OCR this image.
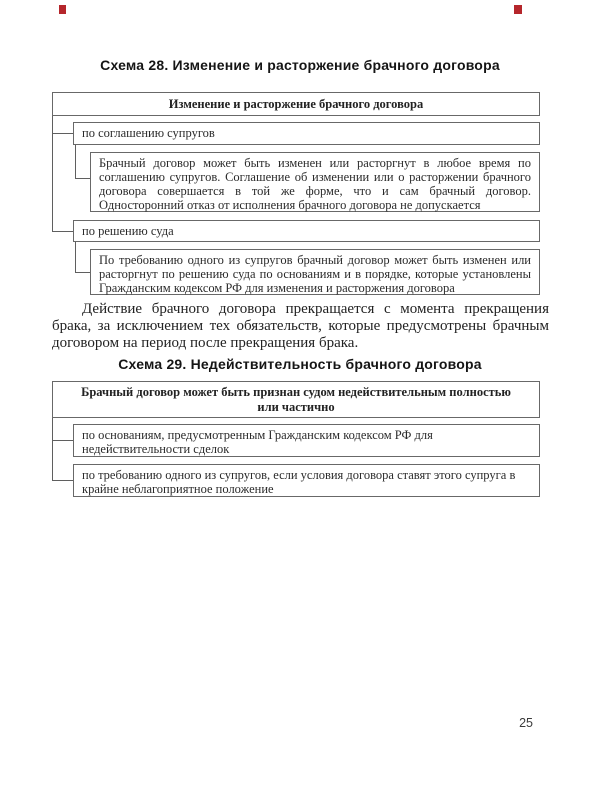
Схема 28. Изменение и расторжение брачного договора
Изменение и расторжение брачного договора
по соглашению супругов
Брачный договор может быть изменен или расторгнут в любое время по соглашению супругов. Соглашение об изменении или о расторжении брачного договора совершается в той же форме, что и сам брачный договор. Односторонний отказ от исполнения брачного договора не допускается
по решению суда
По требованию одного из супругов брачный договор может быть изменен или расторгнут по решению суда по основаниям и в порядке, которые установлены Гражданским кодексом РФ для изменения и расторжения договора
Действие брачного договора прекращается с момента прекращения брака, за исключением тех обязательств, которые предусмотрены брачным договором на период после прекращения брака.
Схема 29. Недействительность брачного договора
Брачный договор может быть признан судом недействительным полностью или частично
по основаниям, предусмотренным Гражданским кодексом РФ для недействительности сделок
по требованию одного из супругов, если условия договора ставят этого супруга в крайне неблагоприятное положение
25
